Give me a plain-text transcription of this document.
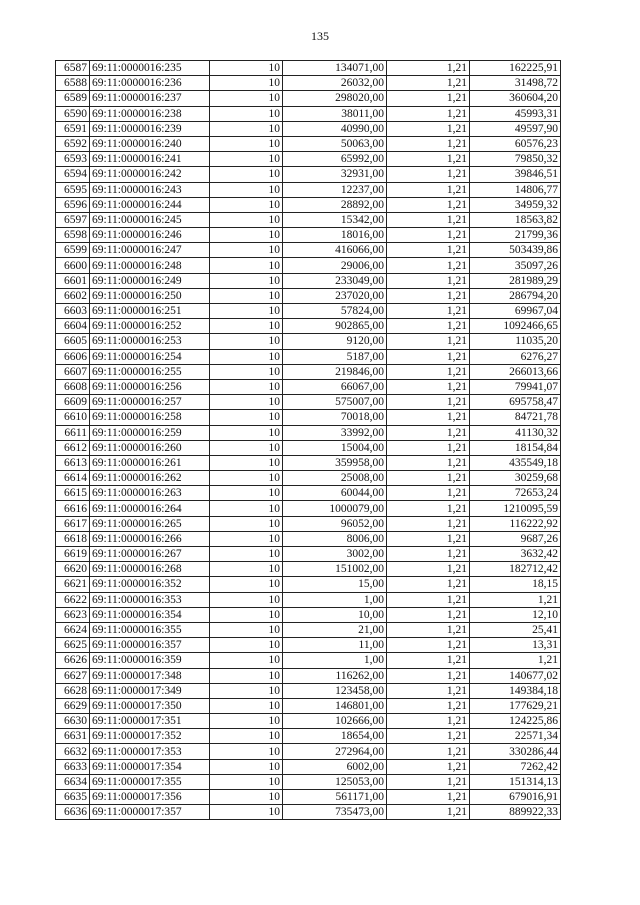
135
6587	69:11:0000016:235	10	134071,00	1,21	162225,91
6588	69:11:0000016:236	10	26032,00	1,21	31498,72
6589	69:11:0000016:237	10	298020,00	1,21	360604,20
6590	69:11:0000016:238	10	38011,00	1,21	45993,31
6591	69:11:0000016:239	10	40990,00	1,21	49597,90
6592	69:11:0000016:240	10	50063,00	1,21	60576,23
6593	69:11:0000016:241	10	65992,00	1,21	79850,32
6594	69:11:0000016:242	10	32931,00	1,21	39846,51
6595	69:11:0000016:243	10	12237,00	1,21	14806,77
6596	69:11:0000016:244	10	28892,00	1,21	34959,32
6597	69:11:0000016:245	10	15342,00	1,21	18563,82
6598	69:11:0000016:246	10	18016,00	1,21	21799,36
6599	69:11:0000016:247	10	416066,00	1,21	503439,86
6600	69:11:0000016:248	10	29006,00	1,21	35097,26
6601	69:11:0000016:249	10	233049,00	1,21	281989,29
6602	69:11:0000016:250	10	237020,00	1,21	286794,20
6603	69:11:0000016:251	10	57824,00	1,21	69967,04
6604	69:11:0000016:252	10	902865,00	1,21	1092466,65
6605	69:11:0000016:253	10	9120,00	1,21	11035,20
6606	69:11:0000016:254	10	5187,00	1,21	6276,27
6607	69:11:0000016:255	10	219846,00	1,21	266013,66
6608	69:11:0000016:256	10	66067,00	1,21	79941,07
6609	69:11:0000016:257	10	575007,00	1,21	695758,47
6610	69:11:0000016:258	10	70018,00	1,21	84721,78
6611	69:11:0000016:259	10	33992,00	1,21	41130,32
6612	69:11:0000016:260	10	15004,00	1,21	18154,84
6613	69:11:0000016:261	10	359958,00	1,21	435549,18
6614	69:11:0000016:262	10	25008,00	1,21	30259,68
6615	69:11:0000016:263	10	60044,00	1,21	72653,24
6616	69:11:0000016:264	10	1000079,00	1,21	1210095,59
6617	69:11:0000016:265	10	96052,00	1,21	116222,92
6618	69:11:0000016:266	10	8006,00	1,21	9687,26
6619	69:11:0000016:267	10	3002,00	1,21	3632,42
6620	69:11:0000016:268	10	151002,00	1,21	182712,42
6621	69:11:0000016:352	10	15,00	1,21	18,15
6622	69:11:0000016:353	10	1,00	1,21	1,21
6623	69:11:0000016:354	10	10,00	1,21	12,10
6624	69:11:0000016:355	10	21,00	1,21	25,41
6625	69:11:0000016:357	10	11,00	1,21	13,31
6626	69:11:0000016:359	10	1,00	1,21	1,21
6627	69:11:0000017:348	10	116262,00	1,21	140677,02
6628	69:11:0000017:349	10	123458,00	1,21	149384,18
6629	69:11:0000017:350	10	146801,00	1,21	177629,21
6630	69:11:0000017:351	10	102666,00	1,21	124225,86
6631	69:11:0000017:352	10	18654,00	1,21	22571,34
6632	69:11:0000017:353	10	272964,00	1,21	330286,44
6633	69:11:0000017:354	10	6002,00	1,21	7262,42
6634	69:11:0000017:355	10	125053,00	1,21	151314,13
6635	69:11:0000017:356	10	561171,00	1,21	679016,91
6636	69:11:0000017:357	10	735473,00	1,21	889922,33
